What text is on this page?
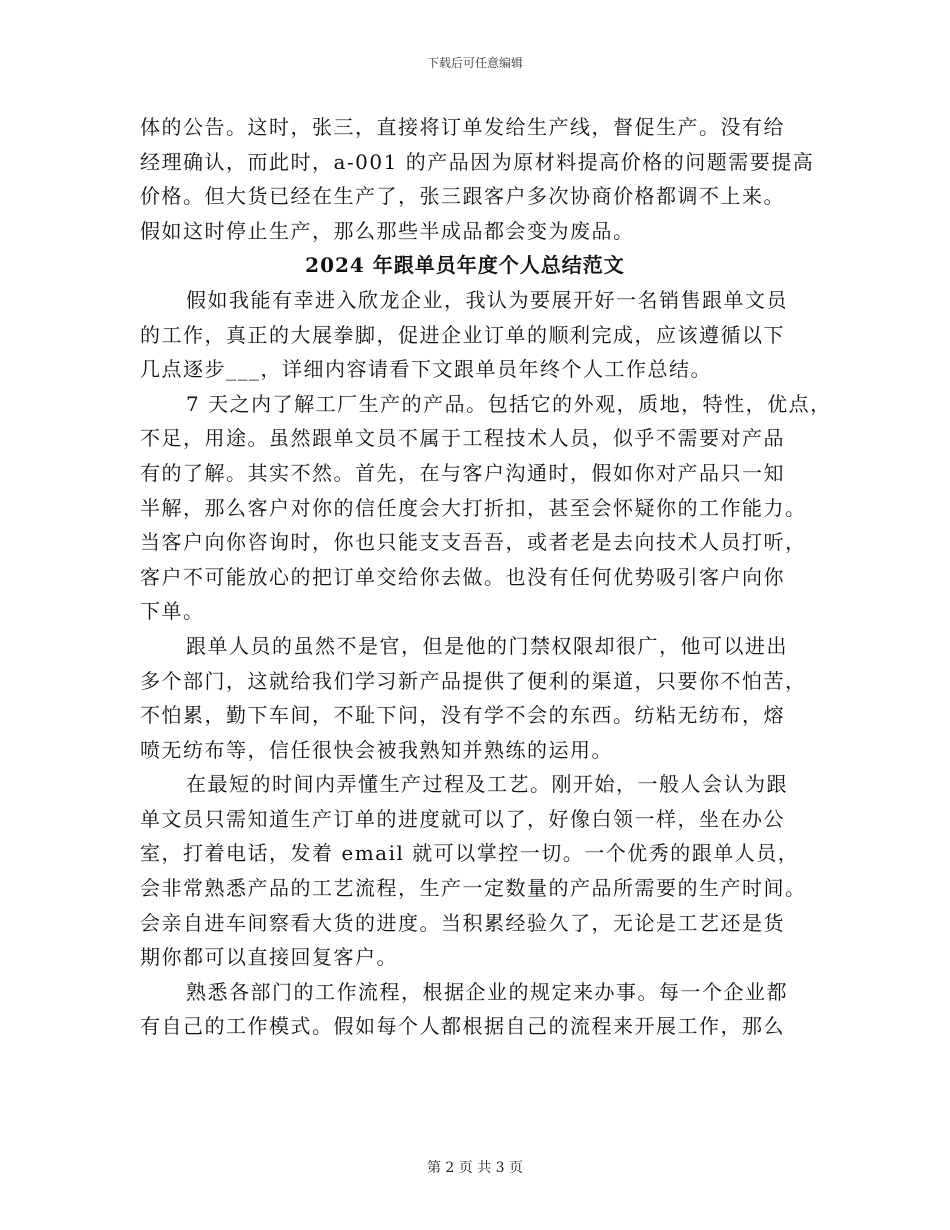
下载后可任意编辑
体的公告。这时，张三，直接将订单发给生产线，督促生产。没有给
经理确认，而此时，a-001 的产品因为原材料提高价格的问题需要提高
价格。但大货已经在生产了，张三跟客户多次协商价格都调不上来。
假如这时停止生产，那么那些半成品都会变为废品。
2024 年跟单员年度个人总结范文
假如我能有幸进入欣龙企业，我认为要展开好一名销售跟单文员
的工作，真正的大展拳脚，促进企业订单的顺利完成，应该遵循以下
几点逐步___，详细内容请看下文跟单员年终个人工作总结。
7 天之内了解工厂生产的产品。包括它的外观，质地，特性，优点，
不足，用途。虽然跟单文员不属于工程技术人员，似乎不需要对产品
有的了解。其实不然。首先，在与客户沟通时，假如你对产品只一知
半解，那么客户对你的信任度会大打折扣，甚至会怀疑你的工作能力。
当客户向你咨询时，你也只能支支吾吾，或者老是去向技术人员打听，
客户不可能放心的把订单交给你去做。也没有任何优势吸引客户向你
下单。
跟单人员的虽然不是官，但是他的门禁权限却很广，他可以进出
多个部门，这就给我们学习新产品提供了便利的渠道，只要你不怕苦，
不怕累，勤下车间，不耻下问，没有学不会的东西。纺粘无纺布，熔
喷无纺布等，信任很快会被我熟知并熟练的运用。
在最短的时间内弄懂生产过程及工艺。刚开始，一般人会认为跟
单文员只需知道生产订单的进度就可以了，好像白领一样，坐在办公
室，打着电话，发着 email 就可以掌控一切。一个优秀的跟单人员，
会非常熟悉产品的工艺流程，生产一定数量的产品所需要的生产时间。
会亲自进车间察看大货的进度。当积累经验久了，无论是工艺还是货
期你都可以直接回复客户。
熟悉各部门的工作流程，根据企业的规定来办事。每一个企业都
有自己的工作模式。假如每个人都根据自己的流程来开展工作，那么
第 2 页 共 3 页
